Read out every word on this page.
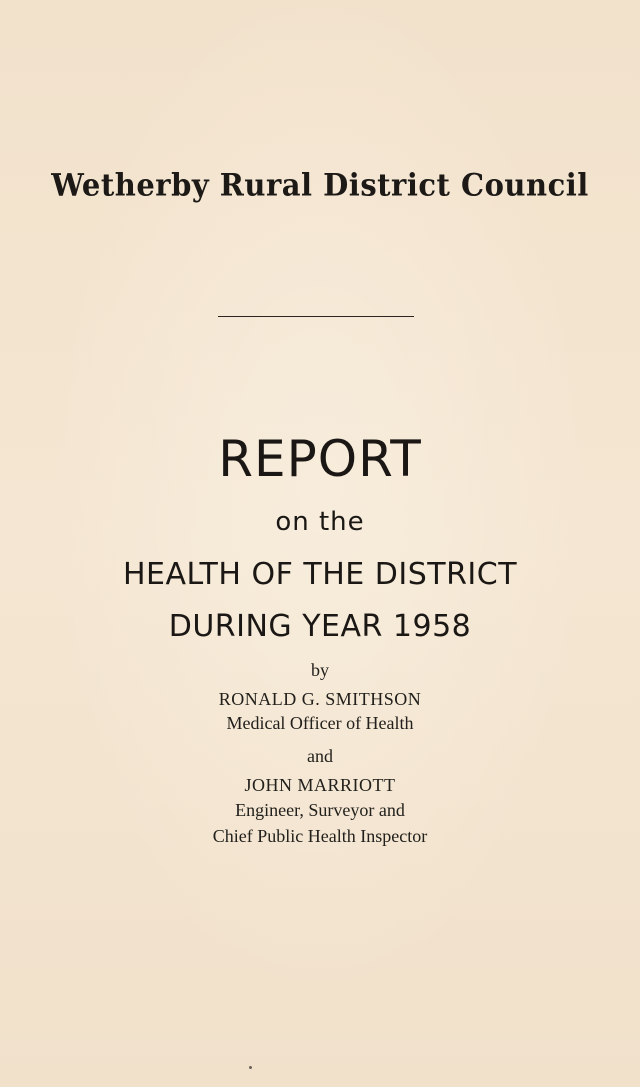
Wetherby Rural District Council
REPORT
on the
HEALTH OF THE DISTRICT
DURING YEAR 1958
by
RONALD G. SMITHSON
Medical Officer of Health
and
JOHN MARRIOTT
Engineer, Surveyor and
Chief Public Health Inspector
